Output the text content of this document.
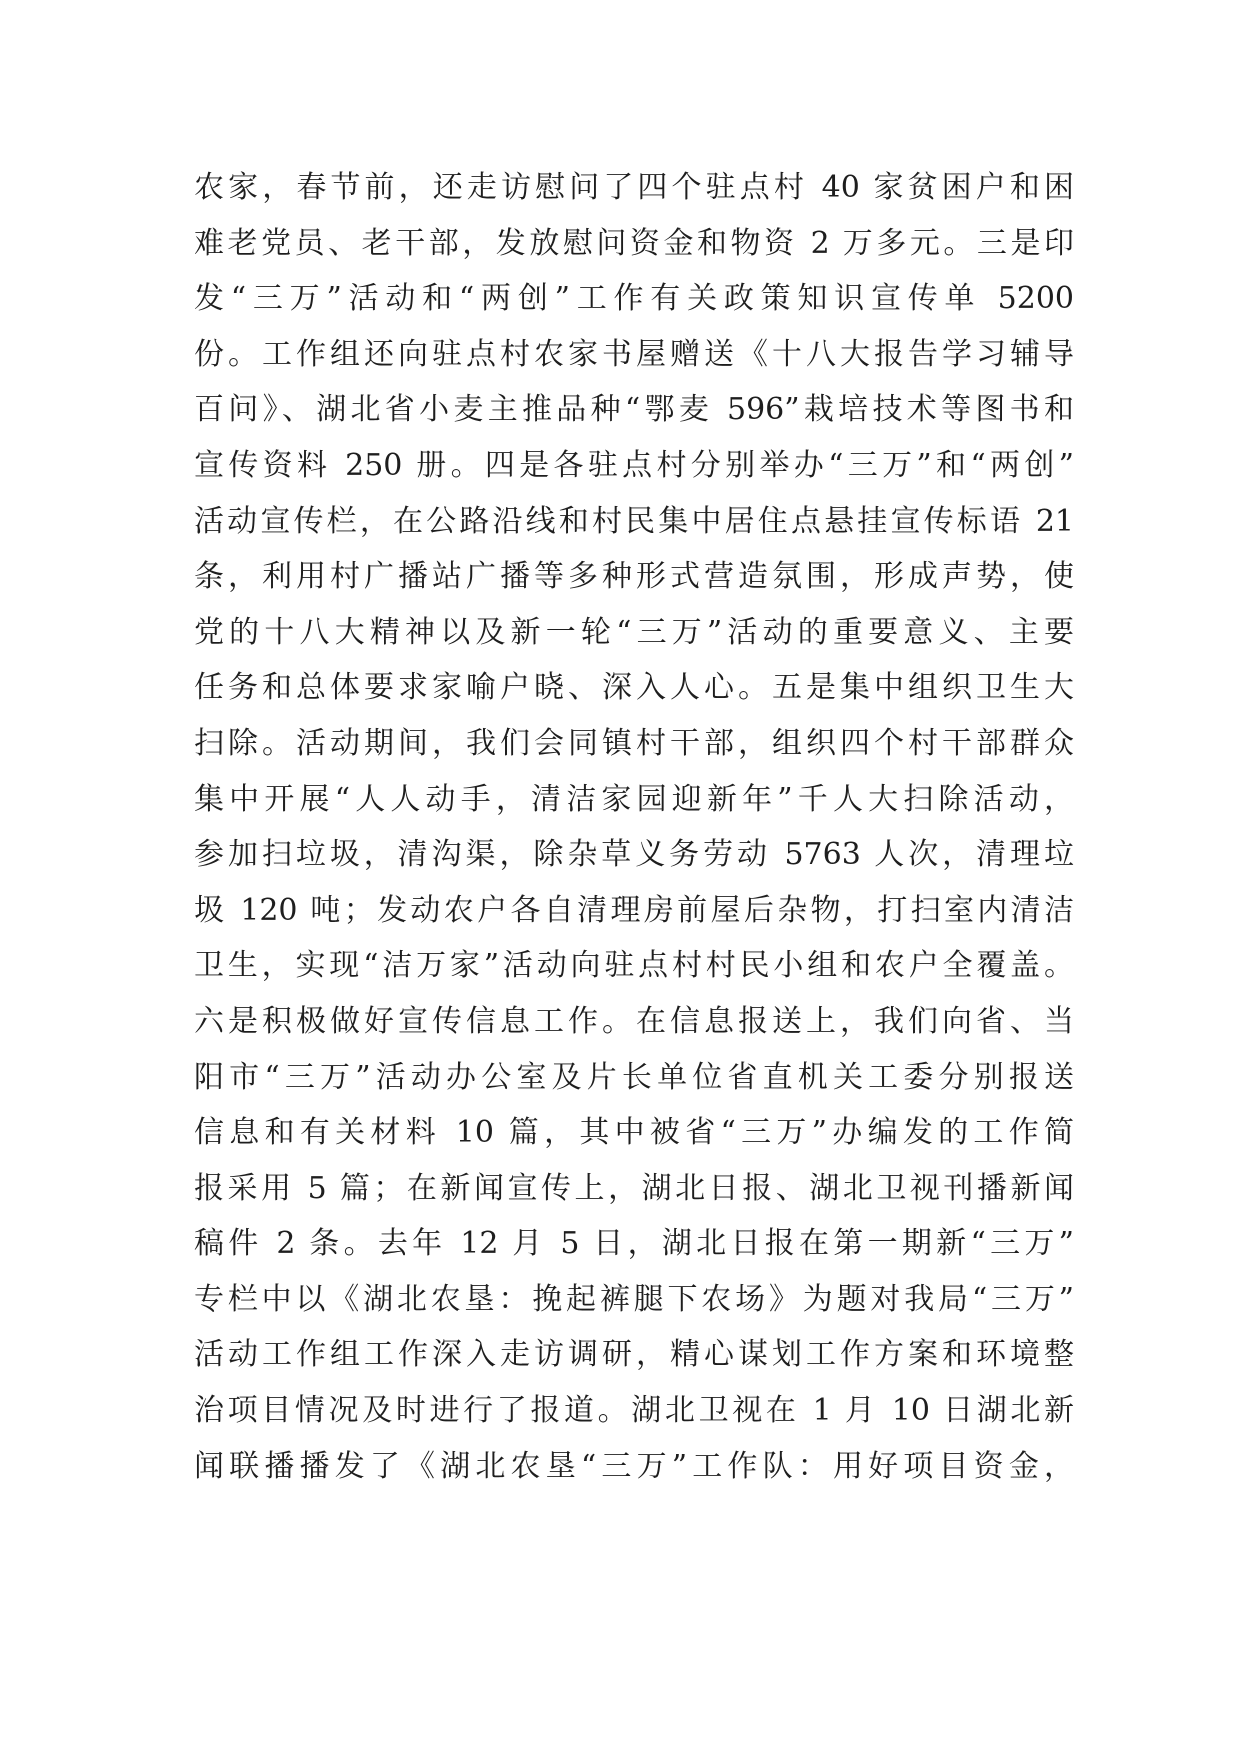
农家，春节前，还走访慰问了四个驻点村 40 家贫困户和困
难老党员、老干部，发放慰问资金和物资 2 万多元。三是印
发“三万”活动和“两创”工作有关政策知识宣传单 5200
份。工作组还向驻点村农家书屋赠送《十八大报告学习辅导
百问》、湖北省小麦主推品种“鄂麦 596”栽培技术等图书和
宣传资料 250 册。四是各驻点村分别举办“三万”和“两创”
活动宣传栏，在公路沿线和村民集中居住点悬挂宣传标语 21
条，利用村广播站广播等多种形式营造氛围，形成声势，使
党的十八大精神以及新一轮“三万”活动的重要意义、主要
任务和总体要求家喻户晓、深入人心。五是集中组织卫生大
扫除。活动期间，我们会同镇村干部，组织四个村干部群众
集中开展“人人动手，清洁家园迎新年”千人大扫除活动，
参加扫垃圾，清沟渠，除杂草义务劳动 5763 人次，清理垃
圾 120 吨；发动农户各自清理房前屋后杂物，打扫室内清洁
卫生，实现“洁万家”活动向驻点村村民小组和农户全覆盖。
六是积极做好宣传信息工作。在信息报送上，我们向省、当
阳市“三万”活动办公室及片长单位省直机关工委分别报送
信息和有关材料 10 篇，其中被省“三万”办编发的工作简
报采用 5 篇；在新闻宣传上，湖北日报、湖北卫视刊播新闻
稿件 2 条。去年 12 月 5 日，湖北日报在第一期新“三万”
专栏中以《湖北农垦：挽起裤腿下农场》为题对我局“三万”
活动工作组工作深入走访调研，精心谋划工作方案和环境整
治项目情况及时进行了报道。湖北卫视在 1 月 10 日湖北新
闻联播播发了《湖北农垦“三万”工作队：用好项目资金，
